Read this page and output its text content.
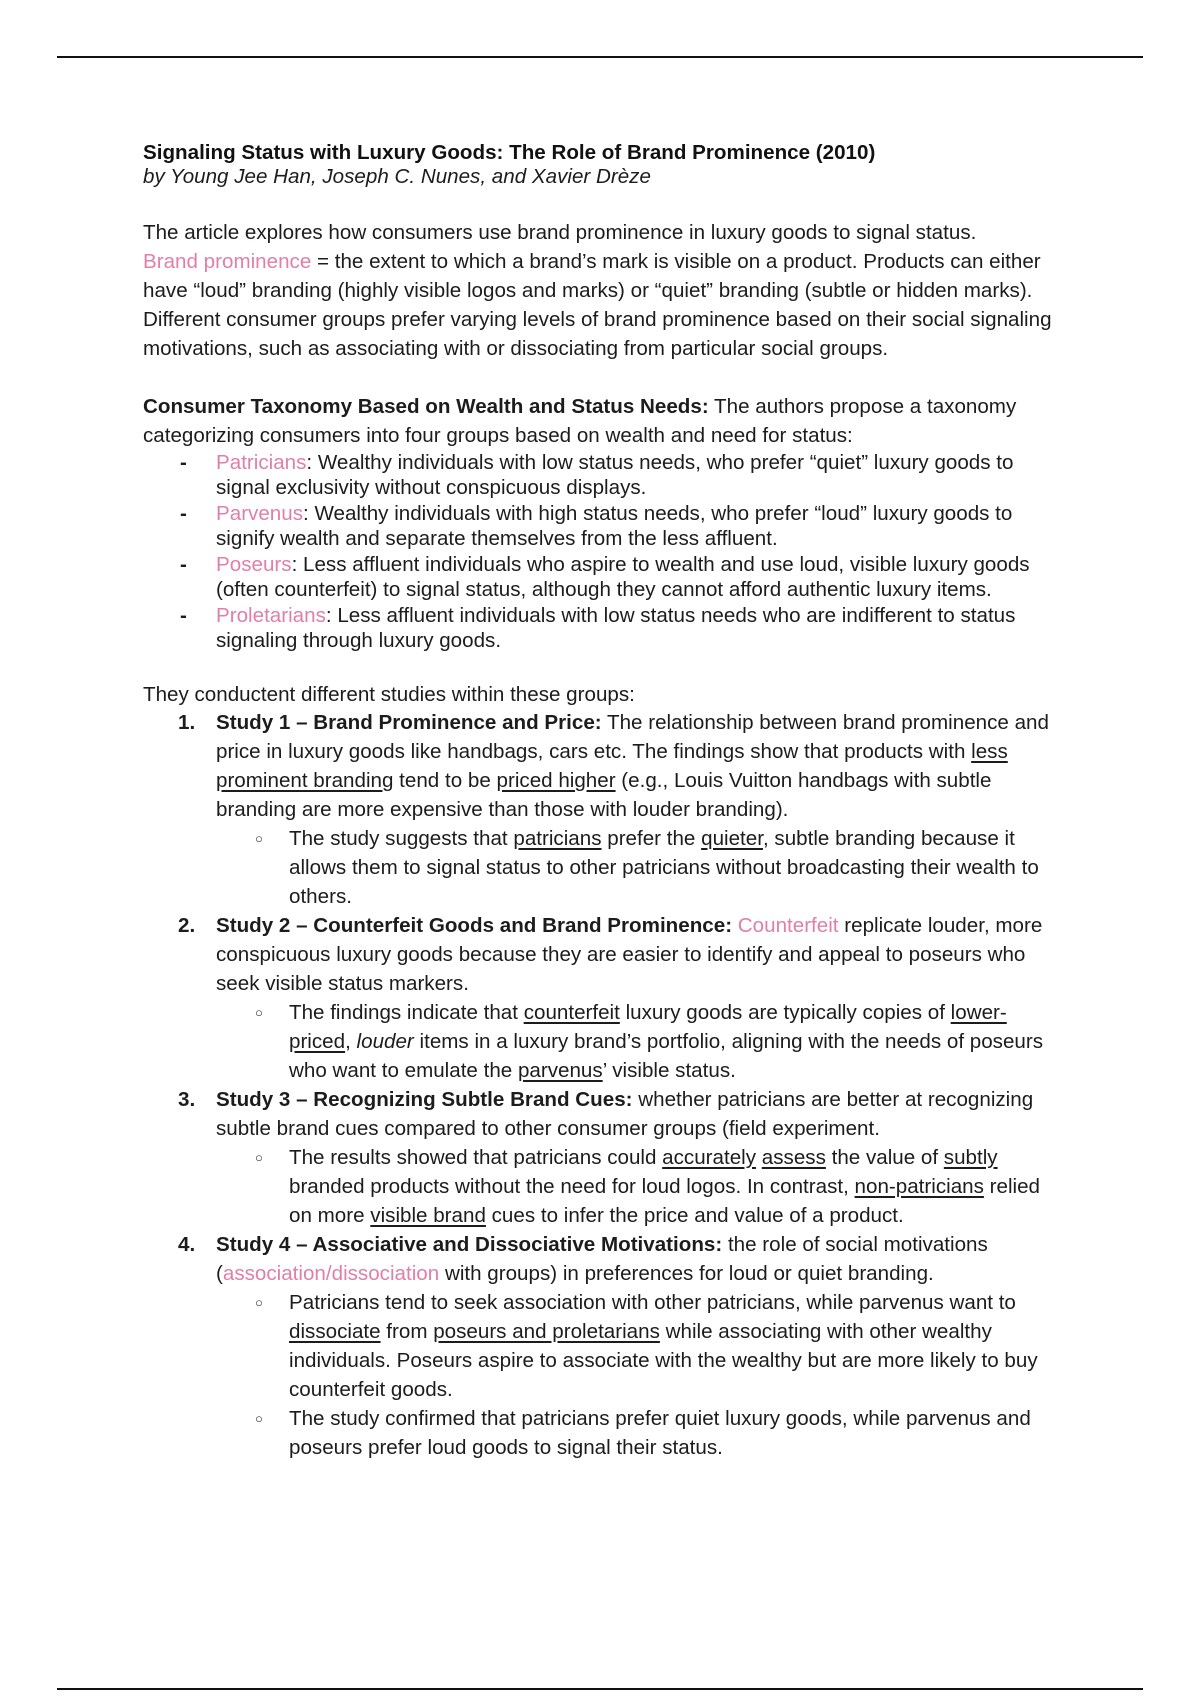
Signaling Status with Luxury Goods: The Role of Brand Prominence (2010)

by Young Jee Han, Joseph C. Nunes, and Xavier Drèze

The article explores how consumers use brand prominence in luxury goods to signal status.

Brand prominence = the extent to which a brand’s mark is visible on a product. Products can either have “loud” branding (highly visible logos and marks) or “quiet” branding (subtle or hidden marks). Different consumer groups prefer varying levels of brand prominence based on their social signaling motivations, such as associating with or dissociating from particular social groups.

Consumer Taxonomy Based on Wealth and Status Needs: The authors propose a taxonomy categorizing consumers into four groups based on wealth and need for status:

- Patricians: Wealthy individuals with low status needs, who prefer “quiet” luxury goods to signal exclusivity without conspicuous displays.
- Parvenus: Wealthy individuals with high status needs, who prefer “loud” luxury goods to signify wealth and separate themselves from the less affluent.
- Poseurs: Less affluent individuals who aspire to wealth and use loud, visible luxury goods (often counterfeit) to signal status, although they cannot afford authentic luxury items.
- Proletarians: Less affluent individuals with low status needs who are indifferent to status signaling through luxury goods.

They conductent different studies within these groups:

1. Study 1 – Brand Prominence and Price: The relationship between brand prominence and price in luxury goods like handbags, cars etc. The findings show that products with less prominent branding tend to be priced higher (e.g., Louis Vuitton handbags with subtle branding are more expensive than those with louder branding).
○ The study suggests that patricians prefer the quieter, subtle branding because it allows them to signal status to other patricians without broadcasting their wealth to others.
2. Study 2 – Counterfeit Goods and Brand Prominence: Counterfeit replicate louder, more conspicuous luxury goods because they are easier to identify and appeal to poseurs who seek visible status markers.
○ The findings indicate that counterfeit luxury goods are typically copies of lower-priced, louder items in a luxury brand’s portfolio, aligning with the needs of poseurs who want to emulate the parvenus’ visible status.
3. Study 3 – Recognizing Subtle Brand Cues: whether patricians are better at recognizing subtle brand cues compared to other consumer groups (field experiment.
○ The results showed that patricians could accurately assess the value of subtly branded products without the need for loud logos. In contrast, non-patricians relied on more visible brand cues to infer the price and value of a product.
4. Study 4 – Associative and Dissociative Motivations: the role of social motivations (association/dissociation with groups) in preferences for loud or quiet branding.
○ Patricians tend to seek association with other patricians, while parvenus want to dissociate from poseurs and proletarians while associating with other wealthy individuals. Poseurs aspire to associate with the wealthy but are more likely to buy counterfeit goods.
○ The study confirmed that patricians prefer quiet luxury goods, while parvenus and poseurs prefer loud goods to signal their status.
